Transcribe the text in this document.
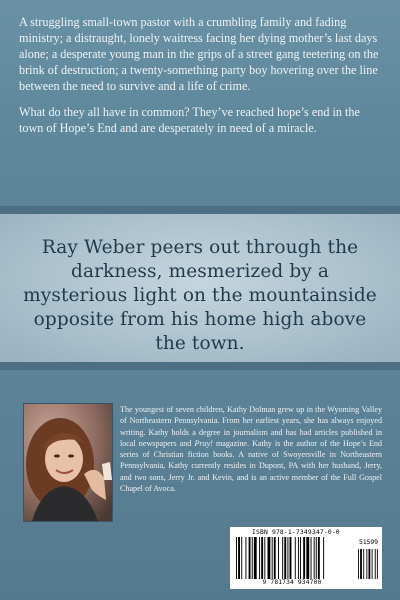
A struggling small-town pastor with a crumbling family and fading ministry; a distraught, lonely waitress facing her dying mother’s last days alone; a desperate young man in the grips of a street gang teetering on the brink of destruction; a twenty-something party boy hovering over the line between the need to survive and a life of crime.

What do they all have in common? They’ve reached hope’s end in the town of Hope’s End and are desperately in need of a miracle.

Ray Weber peers out through the darkness, mesmerized by a mysterious light on the mountainside opposite from his home high above the town.
The youngest of seven children, Kathy Dolman grew up in the Wyoming Valley of Northeastern Pennsylvania. From her earliest years, she has always enjoyed writing. Kathy holds a degree in journalism and has had articles published in local newspapers and Pray! magazine. Kathy is the author of the Hope’s End series of Christian fiction books. A native of Swoyersville in Northeastern Pennsylvania, Kathy currently resides in Dupont, PA with her husband, Jerry, and two sons, Jerry Jr. and Kevin, and is an active member of the Full Gospel Chapel of Avoca.
ISBN 978-1-7349347-0-0
51599
9 781734 934700
